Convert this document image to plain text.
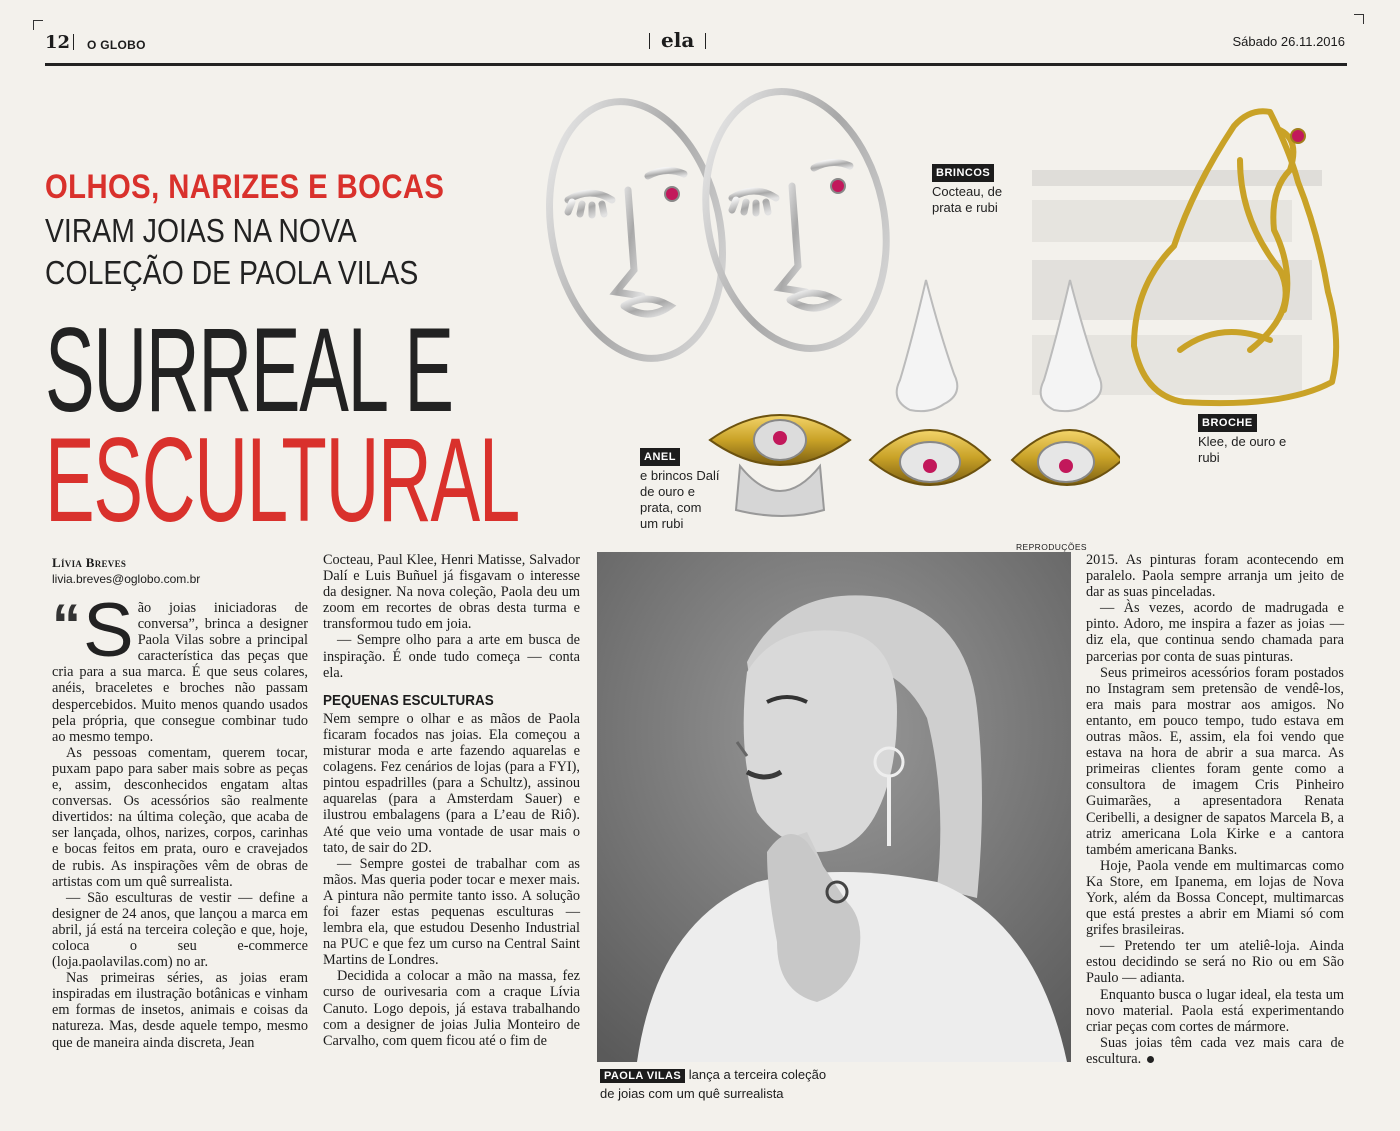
12 O GLOBO	ela	Sábado 26.11.2016
OLHOS, NARIZES E BOCAS
VIRAM JOIAS NA NOVA
COLEÇÃO DE PAOLA VILAS
SURREAL E
ESCULTURAL
BRINCOS
Cocteau, de prata e rubi
BROCHE
Klee, de ouro e rubi
ANEL
e brincos Dalí de ouro e prata, com um rubi
Lívia Breves
livia.breves@oglobo.com.br
“ S ão joias iniciadoras de conversa”, brinca a designer Paola Vilas sobre a principal característica das peças que cria para a sua marca. É que seus colares, anéis, braceletes e broches não passam despercebidos. Muito menos quando usados pela própria, que consegue combinar tudo ao mesmo tempo.

As pessoas comentam, querem tocar, puxam papo para saber mais sobre as peças e, assim, desconhecidos engatam altas conversas. Os acessórios são realmente divertidos: na última coleção, que acaba de ser lançada, olhos, narizes, corpos, carinhas e bocas feitos em prata, ouro e cravejados de rubis. As inspirações vêm de obras de artistas com um quê surrealista.

— São esculturas de vestir — define a designer de 24 anos, que lançou a marca em abril, já está na terceira coleção e que, hoje, coloca o seu e-commerce (loja.paolavilas.com) no ar.

Nas primeiras séries, as joias eram inspiradas em ilustração botânicas e vinham em formas de insetos, animais e coisas da natureza. Mas, desde aquele tempo, mesmo que de maneira ainda discreta, Jean

Cocteau, Paul Klee, Henri Matisse, Salvador Dalí e Luis Buñuel já fisgavam o interesse da designer. Na nova coleção, Paola deu um zoom em recortes de obras desta turma e transformou tudo em joia.

— Sempre olho para a arte em busca de inspiração. É onde tudo começa — conta ela.

PEQUENAS ESCULTURAS

Nem sempre o olhar e as mãos de Paola ficaram focados nas joias. Ela começou a misturar moda e arte fazendo aquarelas e colagens. Fez cenários de lojas (para a FYI), pintou espadrilles (para a Schultz), assinou aquarelas (para a Amsterdam Sauer) e ilustrou embalagens (para a L’eau de Riô). Até que veio uma vontade de usar mais o tato, de sair do 2D.

— Sempre gostei de trabalhar com as mãos. Mas queria poder tocar e mexer mais. A pintura não permite tanto isso. A solução foi fazer estas pequenas esculturas — lembra ela, que estudou Desenho Industrial na PUC e que fez um curso na Central Saint Martins de Londres.

Decidida a colocar a mão na massa, fez curso de ourivesaria com a craque Lívia Canuto. Logo depois, já estava trabalhando com a designer de joias Julia Monteiro de Carvalho, com quem ficou até o fim de

REPRODUÇÕES
PAOLA VILAS lança a terceira coleção de joias com um quê surrealista

2015. As pinturas foram acontecendo em paralelo. Paola sempre arranja um jeito de dar as suas pinceladas.

— Às vezes, acordo de madrugada e pinto. Adoro, me inspira a fazer as joias — diz ela, que continua sendo chamada para parcerias por conta de suas pinturas.

Seus primeiros acessórios foram postados no Instagram sem pretensão de vendê-los, era mais para mostrar aos amigos. No entanto, em pouco tempo, tudo estava em outras mãos. E, assim, ela foi vendo que estava na hora de abrir a sua marca. As primeiras clientes foram gente como a consultora de imagem Cris Pinheiro Guimarães, a apresentadora Renata Ceribelli, a designer de sapatos Marcela B, a atriz americana Lola Kirke e a cantora também americana Banks.

Hoje, Paola vende em multimarcas como Ka Store, em Ipanema, em lojas de Nova York, além da Bossa Concept, multimarcas que está prestes a abrir em Miami só com grifes brasileiras.

— Pretendo ter um ateliê-loja. Ainda estou decidindo se será no Rio ou em São Paulo — adianta.

Enquanto busca o lugar ideal, ela testa um novo material. Paola está experimentando criar peças com cortes de mármore.

Suas joias têm cada vez mais cara de escultura.
